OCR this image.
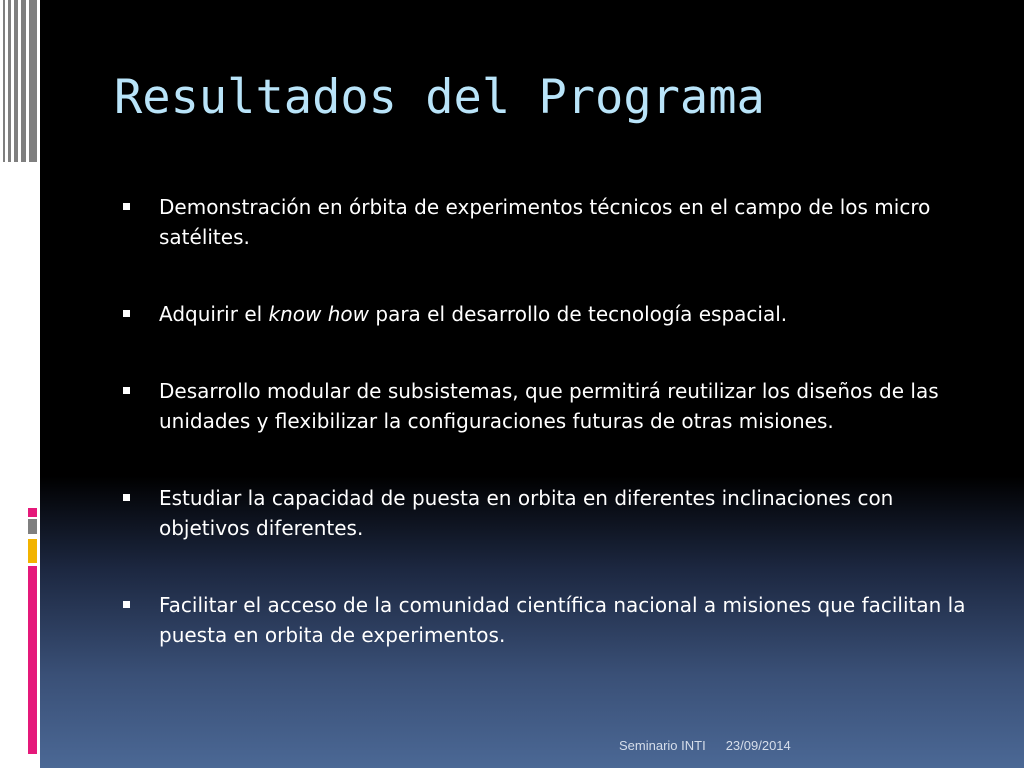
Resultados del Programa
Demonstración en órbita de experimentos técnicos en el campo de los micro satélites.
Adquirir el know how para el desarrollo de tecnología espacial.
Desarrollo modular de subsistemas, que permitirá reutilizar los diseños de las unidades y flexibilizar la configuraciones futuras de otras misiones.
Estudiar la capacidad de puesta en orbita en diferentes inclinaciones con objetivos diferentes.
Facilitar el acceso de la comunidad científica nacional a misiones que facilitan la puesta en orbita de experimentos.
Seminario INTI 23/09/2014
